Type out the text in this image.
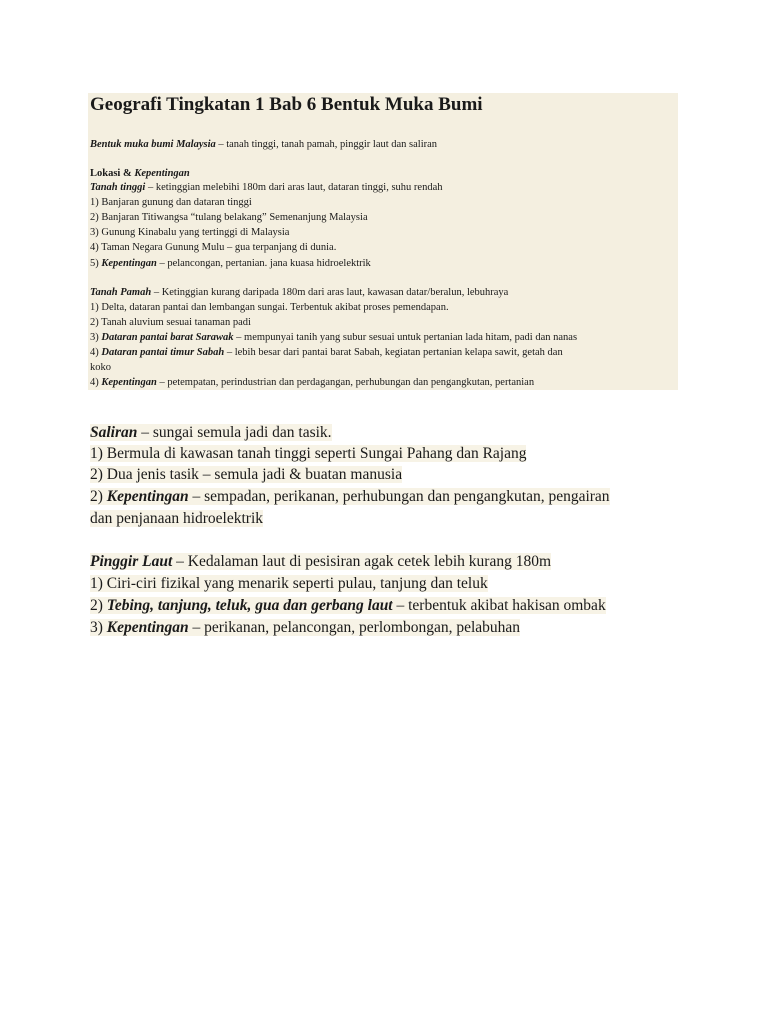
Geografi Tingkatan 1 Bab 6 Bentuk Muka Bumi
Bentuk muka bumi Malaysia – tanah tinggi, tanah pamah, pinggir laut dan saliran
Lokasi & Kepentingan
Tanah tinggi – ketinggian melebihi 180m dari aras laut, dataran tinggi, suhu rendah
1) Banjaran gunung dan dataran tinggi
2) Banjaran Titiwangsa “tulang belakang” Semenanjung Malaysia
3) Gunung Kinabalu yang tertinggi di Malaysia
4) Taman Negara Gunung Mulu – gua terpanjang di dunia.
5) Kepentingan – pelancongan, pertanian. jana kuasa hidroelektrik
Tanah Pamah – Ketinggian kurang daripada 180m dari aras laut, kawasan datar/beralun, lebuhraya
1) Delta, dataran pantai dan lembangan sungai. Terbentuk akibat proses pemendapan.
2) Tanah aluvium sesuai tanaman padi
3) Dataran pantai barat Sarawak – mempunyai tanih yang subur sesuai untuk pertanian lada hitam, padi dan nanas
4) Dataran pantai timur Sabah – lebih besar dari pantai barat Sabah, kegiatan pertanian kelapa sawit, getah dan
koko
4) Kepentingan – petempatan, perindustrian dan perdagangan, perhubungan dan pengangkutan, pertanian
Saliran – sungai semula jadi dan tasik.
1) Bermula di kawasan tanah tinggi seperti Sungai Pahang dan Rajang
2) Dua jenis tasik – semula jadi & buatan manusia
2) Kepentingan – sempadan, perikanan, perhubungan dan pengangkutan, pengairan
dan penjanaan hidroelektrik
Pinggir Laut – Kedalaman laut di pesisiran agak cetek lebih kurang 180m
1) Ciri-ciri fizikal yang menarik seperti pulau, tanjung dan teluk
2) Tebing, tanjung, teluk, gua dan gerbang laut – terbentuk akibat hakisan ombak
3) Kepentingan – perikanan, pelancongan, perlombongan, pelabuhan
